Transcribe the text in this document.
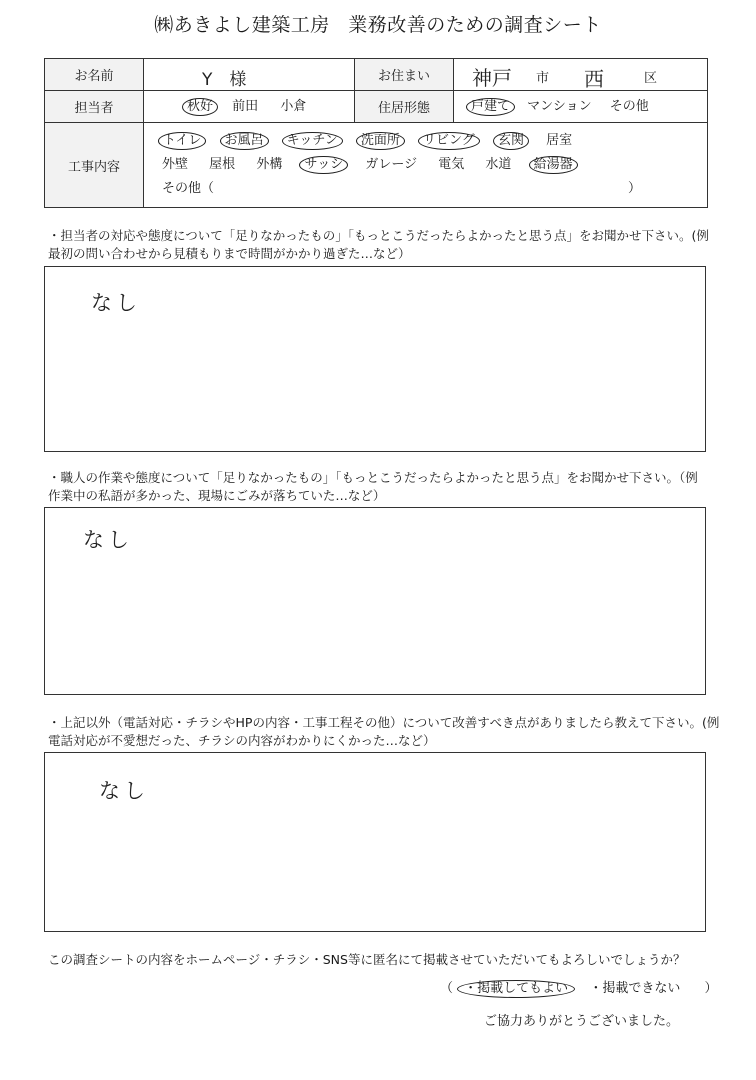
㈱あきよし建築工房 業務改善のための調査シート
お名前	Y　様	お住まい	神戸 市 西 区

担当者	秋好 前田 小倉	住居形態	戸建て マンション その他

工事内容	トイレ お風呂 キッチン 洗面所 リビング 玄関 居室
外壁 屋根 外構 サッシ ガレージ 電気 水道 給湯器
その他（ ）		
・担当者の対応や態度について「足りなかったもの」「もっとこうだったらよかったと思う点」をお聞かせ下さい。(例　最初の問い合わせから見積もりまで時間がかかり過ぎた…など）
なし
・職人の作業や態度について「足りなかったもの」「もっとこうだったらよかったと思う点」をお聞かせ下さい。（例　作業中の私語が多かった、現場にごみが落ちていた…など）
なし
・上記以外（電話対応・チラシやHPの内容・工事工程その他）について改善すべき点がありましたら教えて下さい。(例　電話対応が不愛想だった、チラシの内容がわかりにくかった…など）
なし
この調査シートの内容をホームページ・チラシ・SNS等に匿名にて掲載させていただいてもよろしいでしょうか？
（ ・掲載してもよい ・掲載できない ）
ご協力ありがとうございました。
